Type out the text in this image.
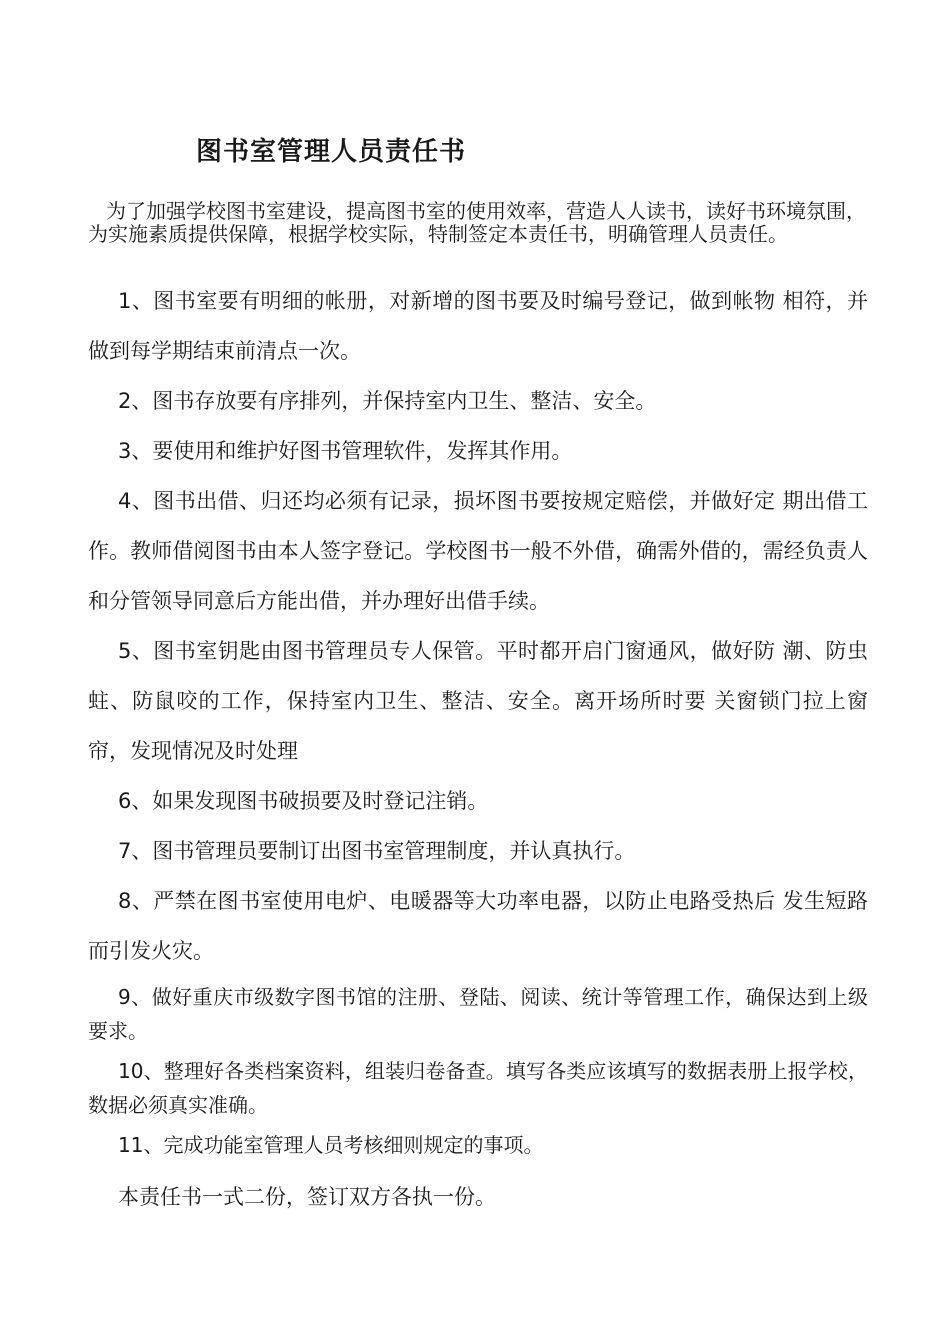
图书室管理人员责任书
为了加强学校图书室建设，提高图书室的使用效率，营造人人读书，读好书环境氛围，为实施素质提供保障，根据学校实际，特制签定本责任书，明确管理人员责任。
1、图书室要有明细的帐册，对新增的图书要及时编号登记，做到帐物 相符，并做到每学期结束前清点一次。
2、图书存放要有序排列，并保持室内卫生、整洁、安全。
3、要使用和维护好图书管理软件，发挥其作用。
4、图书出借、归还均必须有记录，损坏图书要按规定赔偿，并做好定 期出借工作。教师借阅图书由本人签字登记。学校图书一般不外借，确需外借的，需经负责人和分管领导同意后方能出借，并办理好出借手续。
5、图书室钥匙由图书管理员专人保管。平时都开启门窗通风，做好防 潮、防虫蛀、防鼠咬的工作，保持室内卫生、整洁、安全。离开场所时要 关窗锁门拉上窗帘，发现情况及时处理
6、如果发现图书破损要及时登记注销。
7、图书管理员要制订出图书室管理制度，并认真执行。
8、严禁在图书室使用电炉、电暖器等大功率电器，以防止电路受热后 发生短路而引发火灾。
9、做好重庆市级数字图书馆的注册、登陆、阅读、统计等管理工作，确保达到上级要求。
10、整理好各类档案资料，组装归卷备查。填写各类应该填写的数据表册上报学校，数据必须真实准确。
11、完成功能室管理人员考核细则规定的事项。
本责任书一式二份，签订双方各执一份。
